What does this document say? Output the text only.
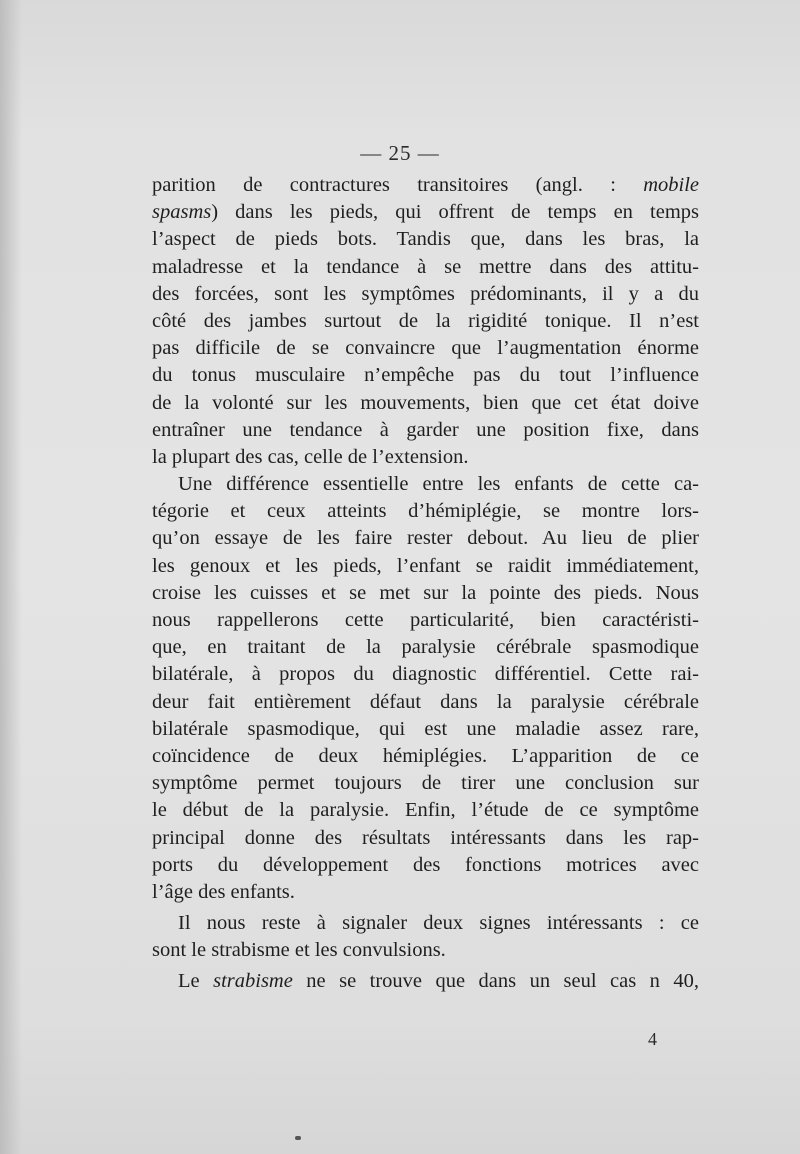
— 25 —
parition de contractures transitoires (angl. : mobile
spasms) dans les pieds, qui offrent de temps en temps
l’aspect de pieds bots. Tandis que, dans les bras, la
maladresse et la tendance à se mettre dans des attitu-
des forcées, sont les symptômes prédominants, il y a du
côté des jambes surtout de la rigidité tonique. Il n’est
pas difficile de se convaincre que l’augmentation énorme
du tonus musculaire n’empêche pas du tout l’influence
de la volonté sur les mouvements, bien que cet état doive
entraîner une tendance à garder une position fixe, dans
la plupart des cas, celle de l’extension.
Une différence essentielle entre les enfants de cette ca-
tégorie et ceux atteints d’hémiplégie, se montre lors-
qu’on essaye de les faire rester debout. Au lieu de plier
les genoux et les pieds, l’enfant se raidit immédiatement,
croise les cuisses et se met sur la pointe des pieds. Nous
nous rappellerons cette particularité, bien caractéristi-
que, en traitant de la paralysie cérébrale spasmodique
bilatérale, à propos du diagnostic différentiel. Cette rai-
deur fait entièrement défaut dans la paralysie cérébrale
bilatérale spasmodique, qui est une maladie assez rare,
coïncidence de deux hémiplégies. L’apparition de ce
symptôme permet toujours de tirer une conclusion sur
le début de la paralysie. Enfin, l’étude de ce symptôme
principal donne des résultats intéressants dans les rap-
ports du développement des fonctions motrices avec
l’âge des enfants.
Il nous reste à signaler deux signes intéressants : ce
sont le strabisme et les convulsions.
Le strabisme ne se trouve que dans un seul cas n 40,
4
